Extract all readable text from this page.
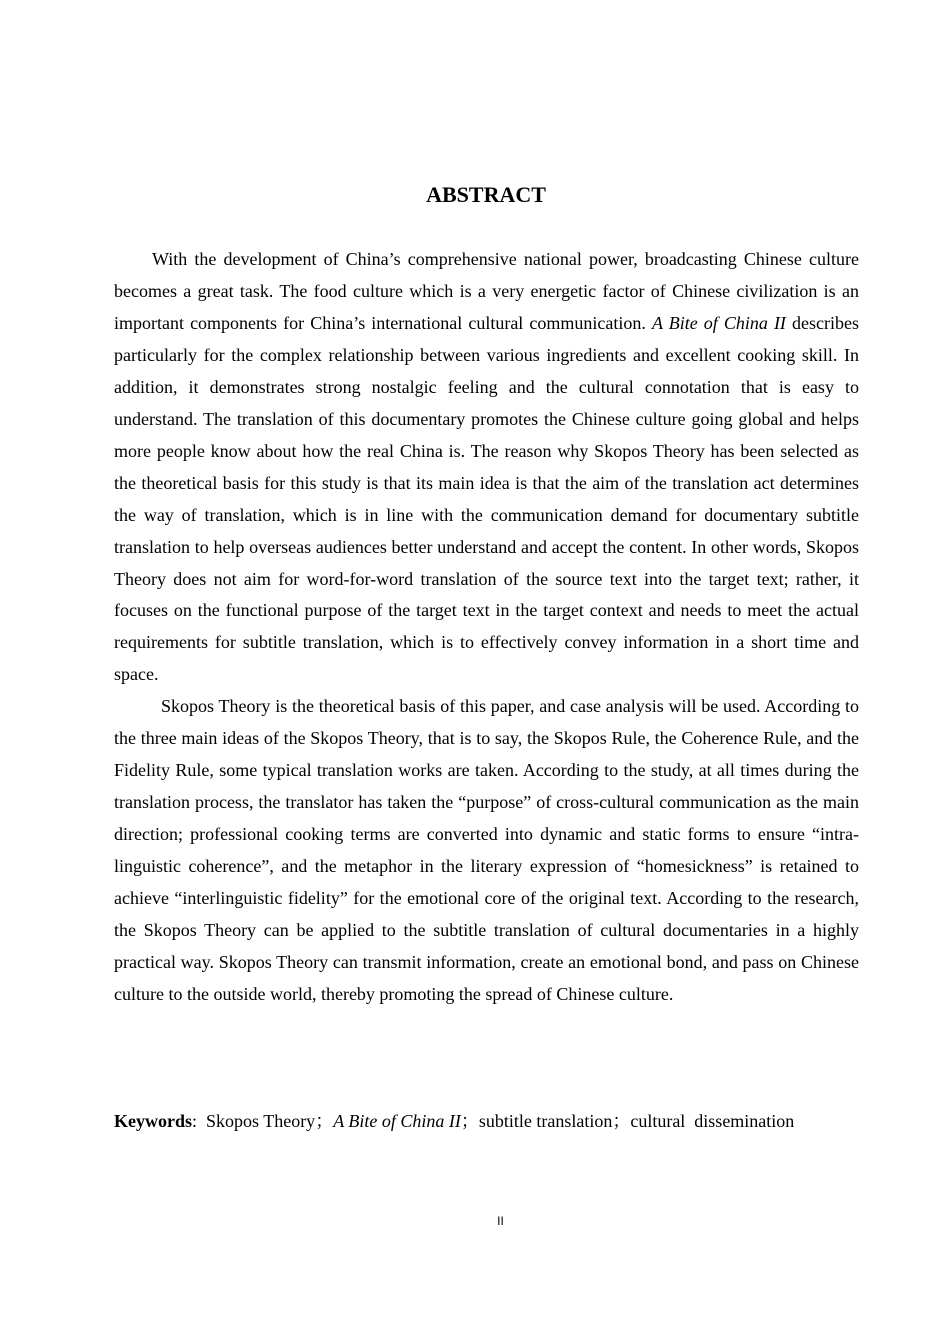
ABSTRACT

With the development of China’s comprehensive national power, broadcasting Chinese culture becomes a great task. The food culture which is a very energetic factor of Chinese civilization is an important components for China’s international cultural communication. A Bite of China II describes particularly for the complex relationship between various ingredients and excellent cooking skill. In addition, it demonstrates strong nostalgic feeling and the cultural connotation that is easy to understand. The translation of this documentary promotes the Chinese culture going global and helps more people know about how the real China is. The reason why Skopos Theory has been selected as the theoretical basis for this study is that its main idea is that the aim of the translation act determines the way of translation, which is in line with the communication demand for documentary subtitle translation to help overseas audiences better understand and accept the content. In other words, Skopos Theory does not aim for word-for-word translation of the source text into the target text; rather, it focuses on the functional purpose of the target text in the target context and needs to meet the actual requirements for subtitle translation, which is to effectively convey information in a short time and space.

Skopos Theory is the theoretical basis of this paper, and case analysis will be used. According to the three main ideas of the Skopos Theory, that is to say, the Skopos Rule, the Coherence Rule, and the Fidelity Rule, some typical translation works are taken. According to the study, at all times during the translation process, the translator has taken the “purpose” of cross-cultural communication as the main direction; professional cooking terms are converted into dynamic and static forms to ensure “intra-linguistic coherence”, and the metaphor in the literary expression of “homesickness” is retained to achieve “interlinguistic fidelity” for the emotional core of the original text. According to the research, the Skopos Theory can be applied to the subtitle translation of cultural documentaries in a highly practical way. Skopos Theory can transmit information, create an emotional bond, and pass on Chinese culture to the outside world, thereby promoting the spread of Chinese culture.

Keywords: Skopos Theory；A Bite of China II；subtitle translation；cultural  dissemination

II
